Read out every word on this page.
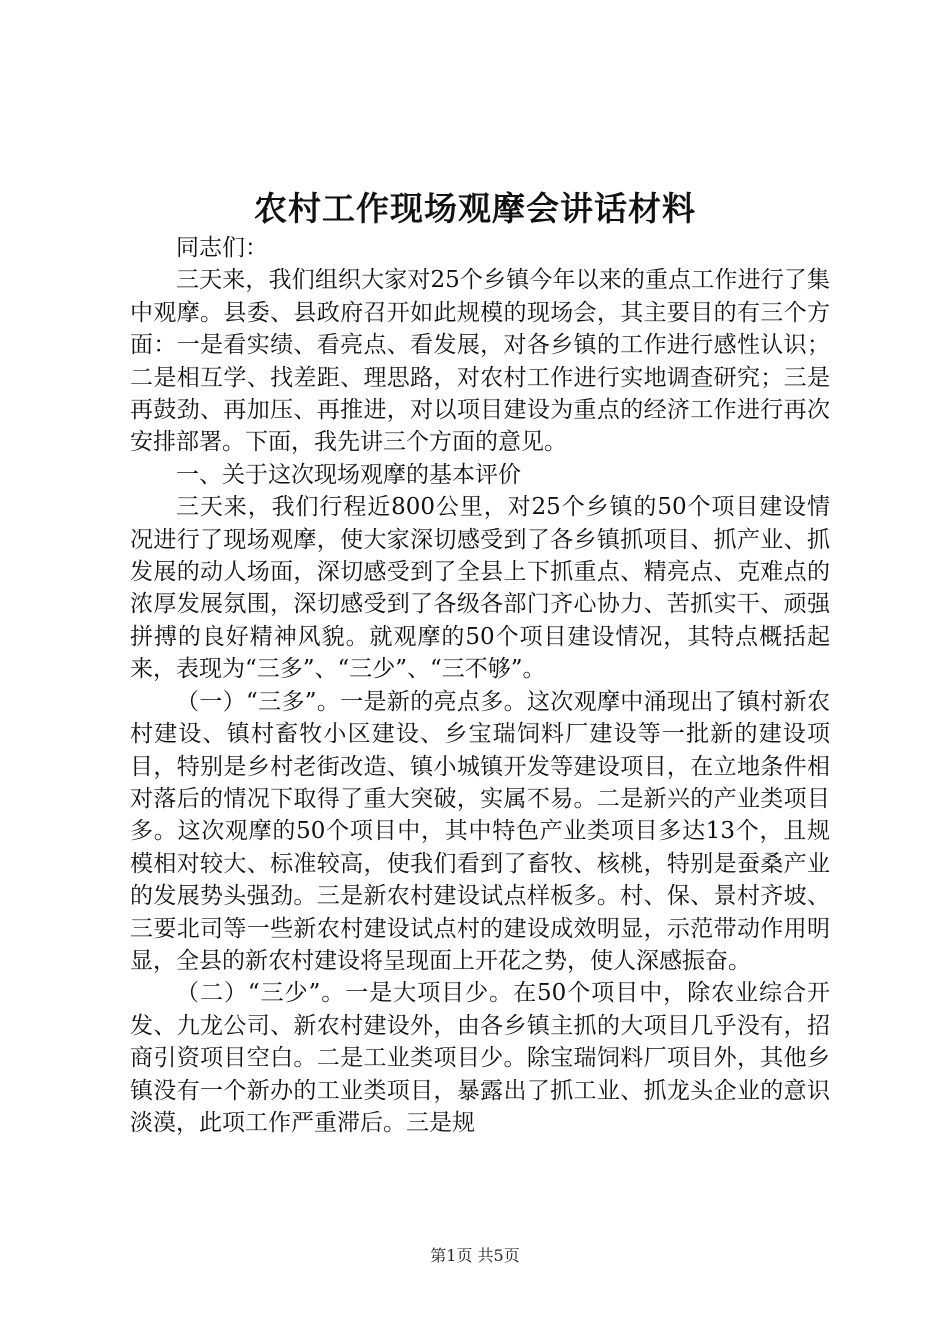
农村工作现场观摩会讲话材料

同志们：

三天来，我们组织大家对25个乡镇今年以来的重点工作进行了集中观摩。县委、县政府召开如此规模的现场会，其主要目的有三个方面：一是看实绩、看亮点、看发展，对各乡镇的工作进行感性认识；二是相互学、找差距、理思路，对农村工作进行实地调查研究；三是再鼓劲、再加压、再推进，对以项目建设为重点的经济工作进行再次安排部署。下面，我先讲三个方面的意见。

一、关于这次现场观摩的基本评价

三天来，我们行程近800公里，对25个乡镇的50个项目建设情况进行了现场观摩，使大家深切感受到了各乡镇抓项目、抓产业、抓发展的动人场面，深切感受到了全县上下抓重点、精亮点、克难点的浓厚发展氛围，深切感受到了各级各部门齐心协力、苦抓实干、顽强拼搏的良好精神风貌。就观摩的50个项目建设情况，其特点概括起来，表现为“三多”、“三少”、“三不够”。

（一）“三多”。一是新的亮点多。这次观摩中涌现出了镇村新农村建设、镇村畜牧小区建设、乡宝瑞饲料厂建设等一批新的建设项目，特别是乡村老街改造、镇小城镇开发等建设项目，在立地条件相对落后的情况下取得了重大突破，实属不易。二是新兴的产业类项目多。这次观摩的50个项目中，其中特色产业类项目多达13个，且规模相对较大、标准较高，使我们看到了畜牧、核桃，特别是蚕桑产业的发展势头强劲。三是新农村建设试点样板多。村、保、景村齐坡、三要北司等一些新农村建设试点村的建设成效明显，示范带动作用明显，全县的新农村建设将呈现面上开花之势，使人深感振奋。

（二）“三少”。一是大项目少。在50个项目中，除农业综合开发、九龙公司、新农村建设外，由各乡镇主抓的大项目几乎没有，招商引资项目空白。二是工业类项目少。除宝瑞饲料厂项目外，其他乡镇没有一个新办的工业类项目，暴露出了抓工业、抓龙头企业的意识淡漠，此项工作严重滞后。三是规

第1页 共5页
